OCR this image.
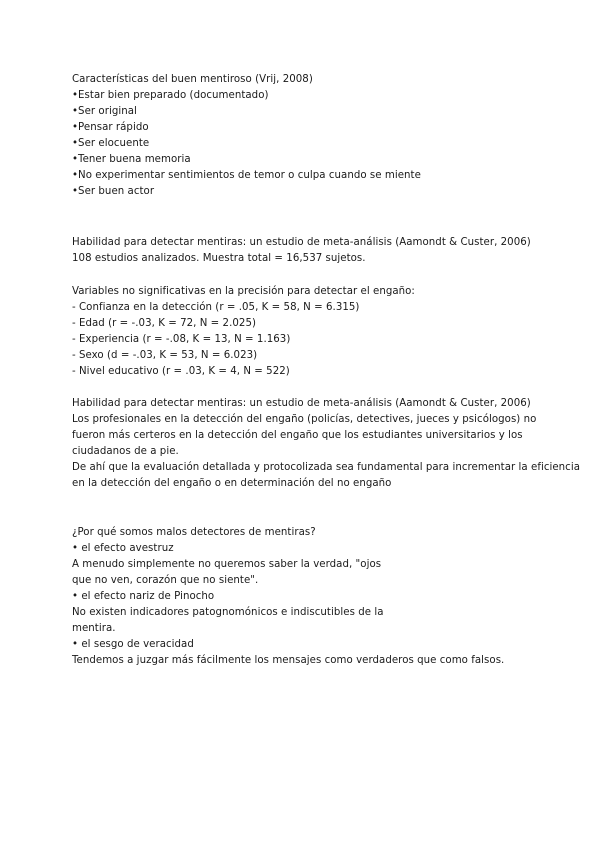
Características del buen mentiroso (Vrij, 2008)
•Estar bien preparado (documentado)
•Ser original
•Pensar rápido
•Ser elocuente
•Tener buena memoria
•No experimentar sentimientos de temor o culpa cuando se miente
•Ser buen actor
Habilidad para detectar mentiras: un estudio de meta-análisis (Aamondt & Custer, 2006)
108 estudios analizados. Muestra total = 16,537 sujetos.
Variables no significativas en la precisión para detectar el engaño:
- Confianza en la detección (r = .05, K = 58, N = 6.315)
- Edad (r = -.03, K = 72, N = 2.025)
- Experiencia (r = -.08, K = 13, N = 1.163)
- Sexo (d = -.03, K = 53, N = 6.023)
- Nivel educativo (r = .03, K = 4, N = 522)
Habilidad para detectar mentiras: un estudio de meta-análisis (Aamondt & Custer, 2006)
Los profesionales en la detección del engaño (policías, detectives, jueces y psicólogos) no
fueron más certeros en la detección del engaño que los estudiantes universitarios y los
ciudadanos de a pie.
De ahí que la evaluación detallada y protocolizada sea fundamental para incrementar la eficiencia
en la detección del engaño o en determinación del no engaño
¿Por qué somos malos detectores de mentiras?
• el efecto avestruz
A menudo simplemente no queremos saber la verdad, "ojos
que no ven, corazón que no siente".
• el efecto nariz de Pinocho
No existen indicadores patognomónicos e indiscutibles de la
mentira.
• el sesgo de veracidad
Tendemos a juzgar más fácilmente los mensajes como verdaderos que como falsos.
